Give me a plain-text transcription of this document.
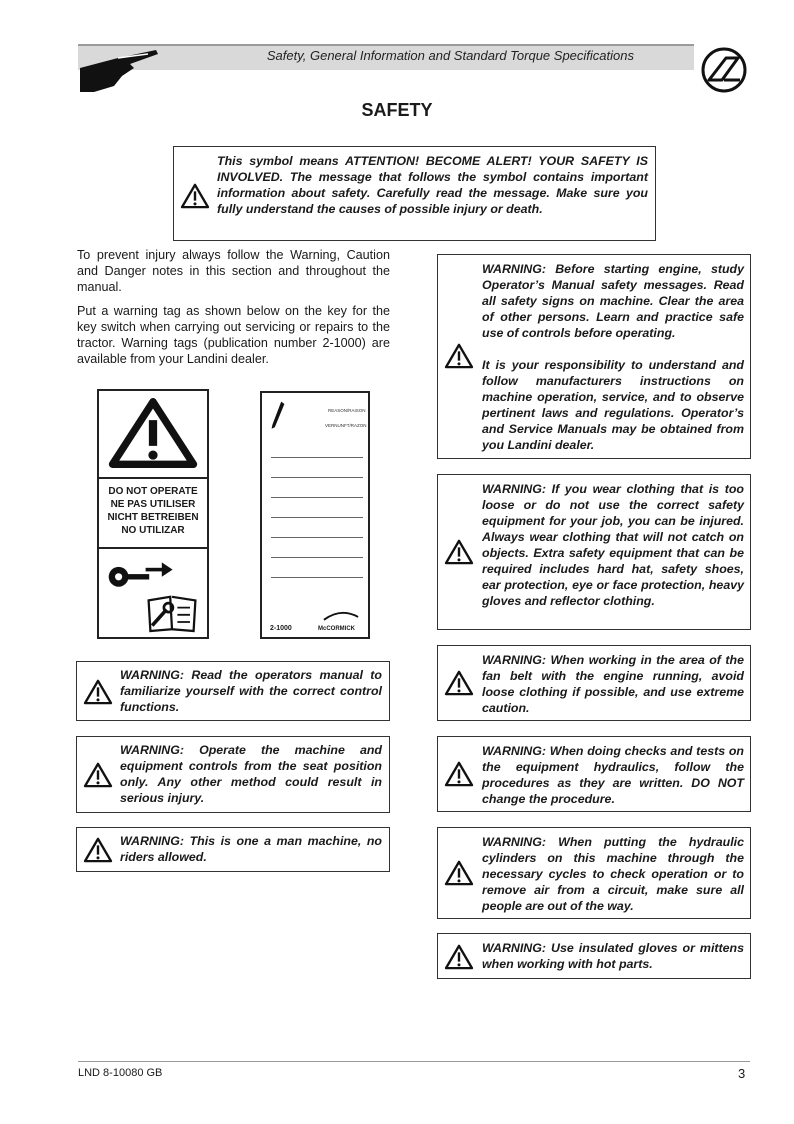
Safety, General Information and Standard Torque Specifications
SAFETY
This symbol means ATTENTION! BECOME ALERT! YOUR SAFETY IS INVOLVED. The message that follows the symbol contains important information about safety. Carefully read the message. Make sure you fully understand the causes of possible injury or death.
To prevent injury always follow the Warning, Caution and Danger notes in this section and throughout the manual.
Put a warning tag as shown below on the key for the key switch when carrying out servicing or repairs to the tractor. Warning tags (publication number 2-1000) are available from your Landini dealer.
DO NOT OPERATE
NE PAS UTILISER
NICHT BETREIBEN
NO UTILIZAR
REASON/RAISON
VERNUNFT/RAZON
2-1000	McCORMICK
WARNING: Read the operators manual to familiarize yourself with the correct control functions.
WARNING: Operate the machine and equipment controls from the seat position only. Any other method could result in serious injury.
WARNING: This is one a man machine, no riders allowed.
WARNING: Before starting engine, study Operator’s Manual safety messages. Read all safety signs on machine. Clear the area of other persons. Learn and practice safe use of controls before operating.
It is your responsibility to understand and follow manufacturers instructions on machine operation, service, and to observe pertinent laws and regulations. Operator’s and Service Manuals may be obtained from you Landini dealer.
WARNING: If you wear clothing that is too loose or do not use the correct safety equipment for your job, you can be injured. Always wear clothing that will not catch on objects. Extra safety equipment that can be required includes hard hat, safety shoes, ear protection, eye or face protection, heavy gloves and reflector clothing.
WARNING: When working in the area of the fan belt with the engine running, avoid loose clothing if possible, and use extreme caution.
WARNING: When doing checks and tests on the equipment hydraulics, follow the procedures as they are written. DO NOT change the procedure.
WARNING: When putting the hydraulic cylinders on this machine through the necessary cycles to check operation or to remove air from a circuit, make sure all people are out of the way.
WARNING: Use insulated gloves or mittens when working with hot parts.
LND 8-10080 GB	3
